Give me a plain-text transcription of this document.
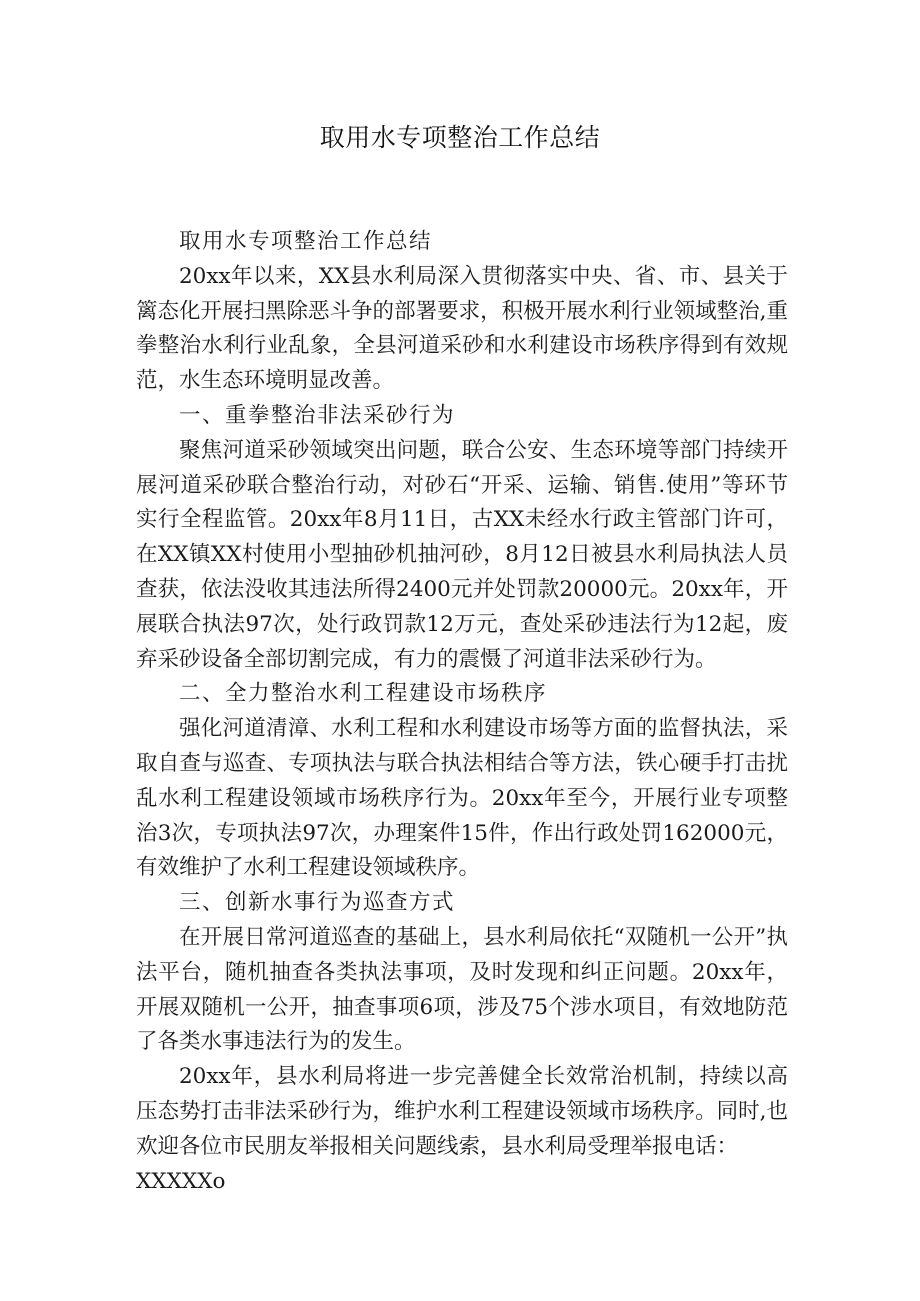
取用水专项整治工作总结

取用水专项整治工作总结

20xx年以来，XX县水利局深入贯彻落实中央、省、市、县关于篱态化开展扫黑除恶斗争的部署要求，积极开展水利行业领域整治,重拳整治水利行业乱象，全县河道采砂和水利建设市场秩序得到有效规范，水生态环境明显改善。

一、重拳整治非法采砂行为

聚焦河道采砂领域突出问题，联合公安、生态环境等部门持续开展河道采砂联合整治行动，对砂石“开采、运输、销售.使用”等环节实行全程监管。20xx年8月11日，古XX未经水行政主管部门许可，在XX镇XX村使用小型抽砂机抽河砂，8月12日被县水利局执法人员查获，依法没收其违法所得2400元并处罚款20000元。20xx年，开展联合执法97次，处行政罚款12万元，查处采砂违法行为12起，废弃采砂设备全部切割完成，有力的震慑了河道非法采砂行为。

二、全力整治水利工程建设市场秩序

强化河道清漳、水利工程和水利建设市场等方面的监督执法，采取自查与巡查、专项执法与联合执法相结合等方法，铁心硬手打击扰乱水利工程建设领域市场秩序行为。20xx年至今，开展行业专项整治3次，专项执法97次，办理案件15件，作出行政处罚162000元，有效维护了水利工程建设领域秩序。

三、创新水事行为巡查方式

在开展日常河道巡查的基础上，县水利局依托“双随机一公开”执法平台，随机抽查各类执法事项，及时发现和纠正问题。20xx年，开展双随机一公开，抽查事项6项，涉及75个涉水项目，有效地防范了各类水事违法行为的发生。

20xx年，县水利局将进一步完善健全长效常治机制，持续以高压态势打击非法采砂行为，维护水利工程建设领域市场秩序。同时,也欢迎各位市民朋友举报相关问题线索，县水利局受理举报电话：

XXXXXo
